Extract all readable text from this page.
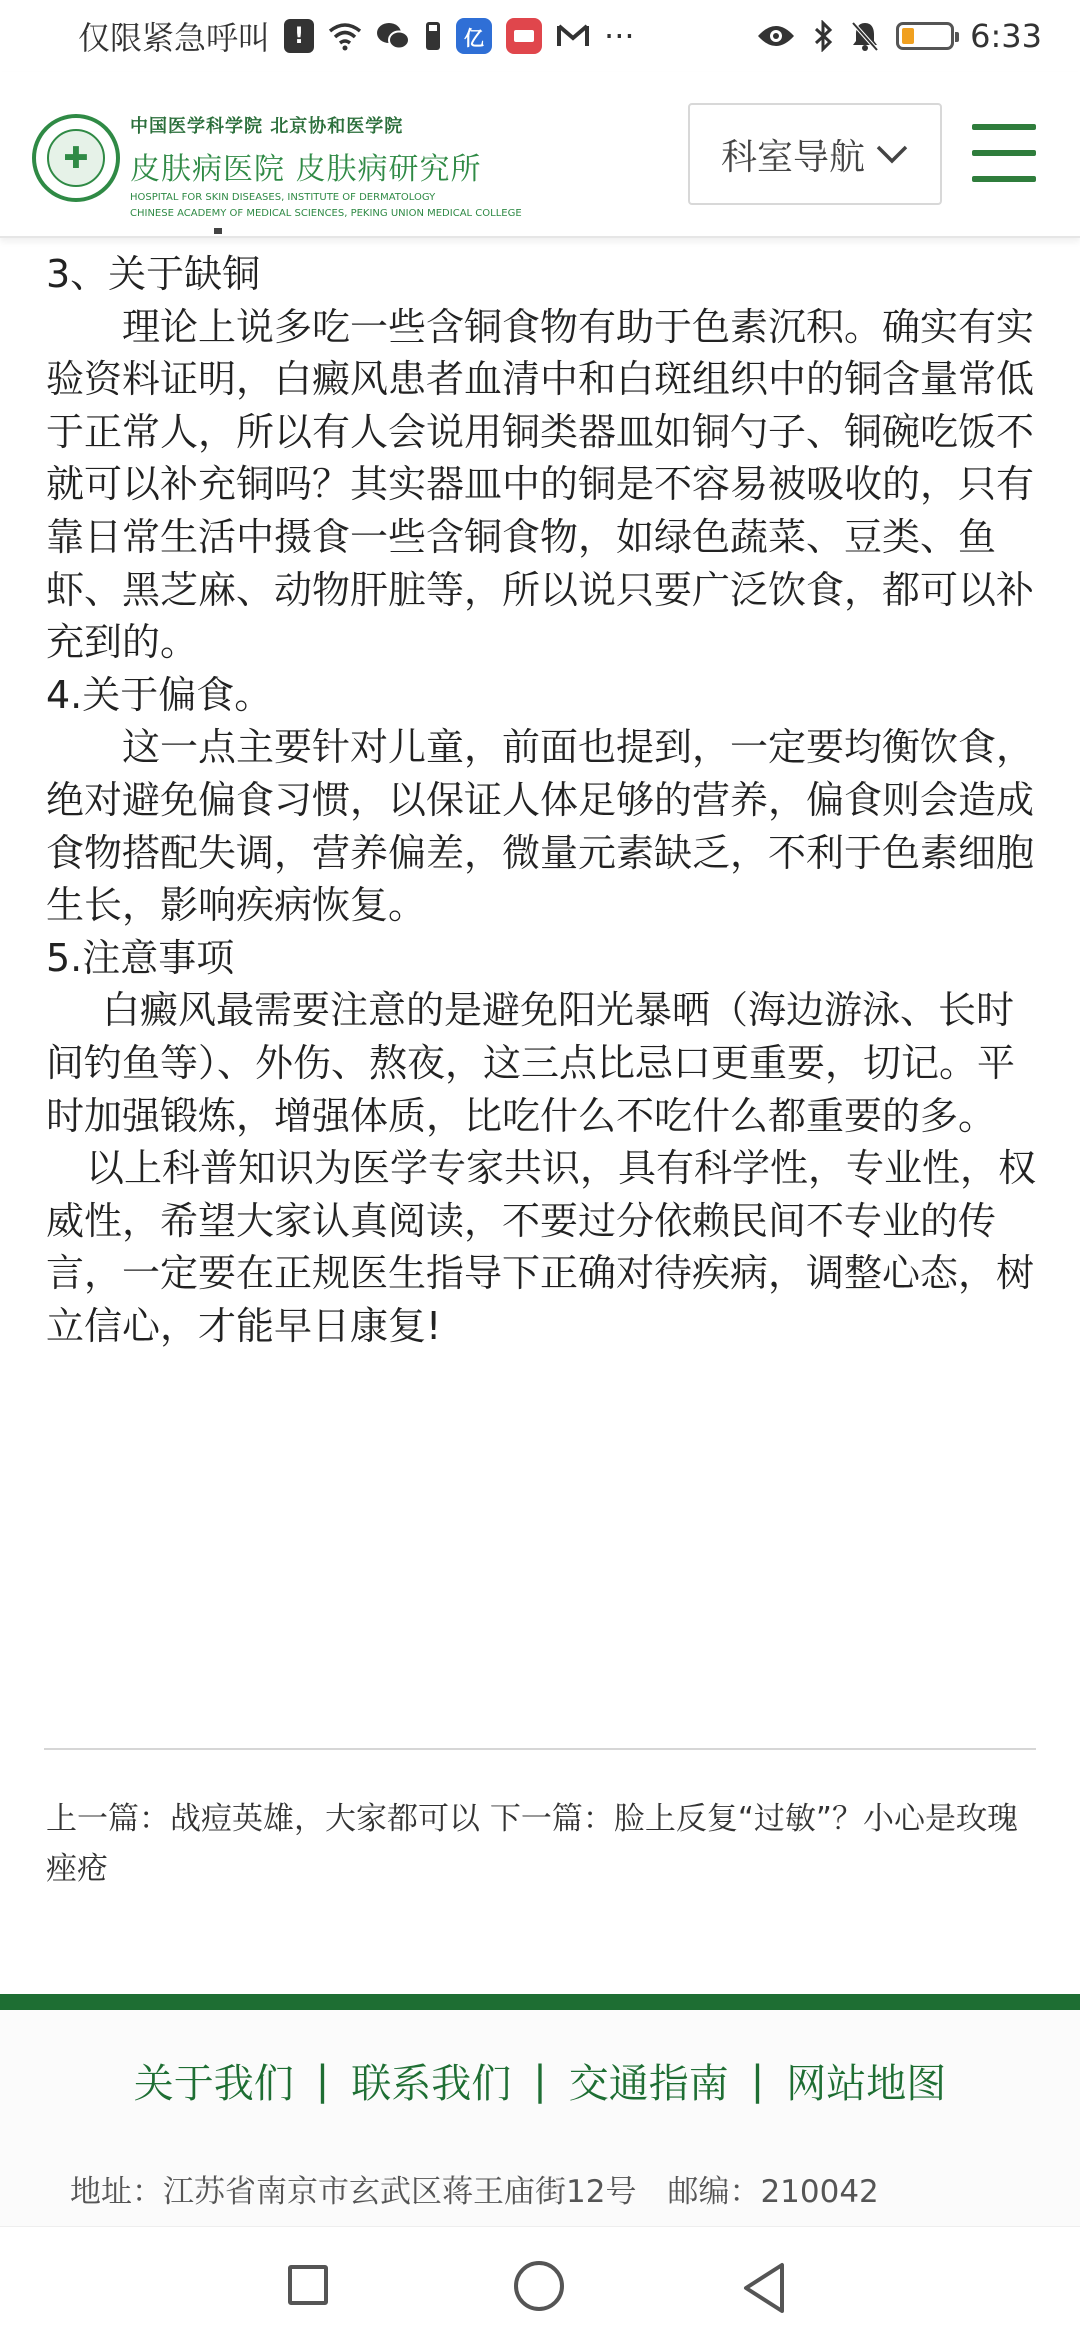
仅限紧急呼叫	!	亿	···	6:33
✚
中国医学科学院 北京协和医学院
皮肤病医院 皮肤病研究所
HOSPITAL FOR SKIN DISEASES, INSTITUTE OF DERMATOLOGY
CHINESE ACADEMY OF MEDICAL SCIENCES, PEKING UNION MEDICAL COLLEGE
科室导航

3、关于缺铜

理论上说多吃一些含铜食物有助于色素沉积。确实有实验资料证明，白癜风患者血清中和白斑组织中的铜含量常低于正常人，所以有人会说用铜类器皿如铜勺子、铜碗吃饭不就可以补充铜吗？其实器皿中的铜是不容易被吸收的，只有靠日常生活中摄食一些含铜食物，如绿色蔬菜、豆类、鱼虾、黑芝麻、动物肝脏等，所以说只要广泛饮食，都可以补充到的。

4.关于偏食。

这一点主要针对儿童，前面也提到，一定要均衡饮食，绝对避免偏食习惯，以保证人体足够的营养，偏食则会造成食物搭配失调，营养偏差，微量元素缺乏，不利于色素细胞生长，影响疾病恢复。

5.注意事项

白癜风最需要注意的是避免阳光暴晒（海边游泳、长时间钓鱼等）、外伤、熬夜，这三点比忌口更重要，切记。平时加强锻炼，增强体质，比吃什么不吃什么都重要的多。

以上科普知识为医学专家共识，具有科学性，专业性，权威性，希望大家认真阅读，不要过分依赖民间不专业的传言，一定要在正规医生指导下正确对待疾病，调整心态，树立信心，才能早日康复!

上一篇：战痘英雄，大家都可以 下一篇：脸上反复“过敏”？小心是玫瑰痤疮
关于我们 | 联系我们 | 交通指南 | 网站地图
地址：江苏省南京市玄武区蒋王庙街12号　邮编：210042
